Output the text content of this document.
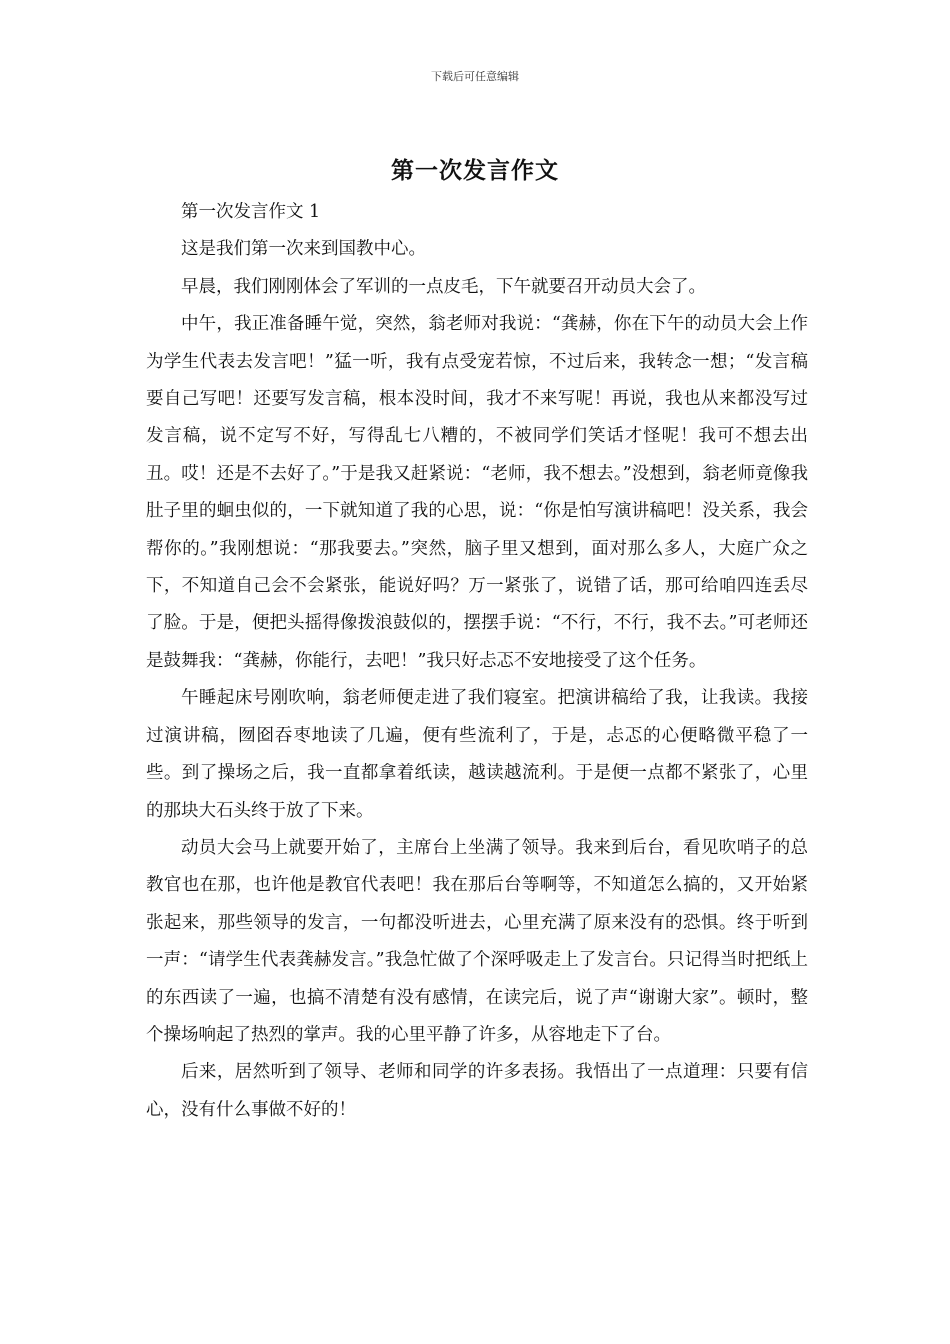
下载后可任意编辑
第一次发言作文

第一次发言作文 1

这是我们第一次来到国教中心。

早晨，我们刚刚体会了军训的一点皮毛，下午就要召开动员大会了。

中午，我正准备睡午觉，突然，翁老师对我说：“龚赫，你在下午的动员大会上作为学生代表去发言吧！”猛一听，我有点受宠若惊，不过后来，我转念一想；“发言稿要自己写吧！还要写发言稿，根本没时间，我才不来写呢！再说，我也从来都没写过发言稿，说不定写不好，写得乱七八糟的，不被同学们笑话才怪呢！我可不想去出丑。哎！还是不去好了。”于是我又赶紧说：“老师，我不想去。”没想到，翁老师竟像我肚子里的蛔虫似的，一下就知道了我的心思，说：“你是怕写演讲稿吧！没关系，我会帮你的。”我刚想说：“那我要去。”突然，脑子里又想到，面对那么多人，大庭广众之下，不知道自己会不会紧张，能说好吗？万一紧张了，说错了话，那可给咱四连丢尽了脸。于是，便把头摇得像拨浪鼓似的，摆摆手说：“不行，不行，我不去。”可老师还是鼓舞我：“龚赫，你能行，去吧！”我只好忐忑不安地接受了这个任务。

午睡起床号刚吹响，翁老师便走进了我们寝室。把演讲稿给了我，让我读。我接过演讲稿，囫囵吞枣地读了几遍，便有些流利了，于是，忐忑的心便略微平稳了一些。到了操场之后，我一直都拿着纸读，越读越流利。于是便一点都不紧张了，心里的那块大石头终于放了下来。

动员大会马上就要开始了，主席台上坐满了领导。我来到后台，看见吹哨子的总教官也在那，也许他是教官代表吧！我在那后台等啊等，不知道怎么搞的，又开始紧张起来，那些领导的发言，一句都没听进去，心里充满了原来没有的恐惧。终于听到一声：“请学生代表龚赫发言。”我急忙做了个深呼吸走上了发言台。只记得当时把纸上的东西读了一遍，也搞不清楚有没有感情，在读完后，说了声“谢谢大家”。顿时，整个操场响起了热烈的掌声。我的心里平静了许多，从容地走下了台。

后来，居然听到了领导、老师和同学的许多表扬。我悟出了一点道理：只要有信心，没有什么事做不好的！
